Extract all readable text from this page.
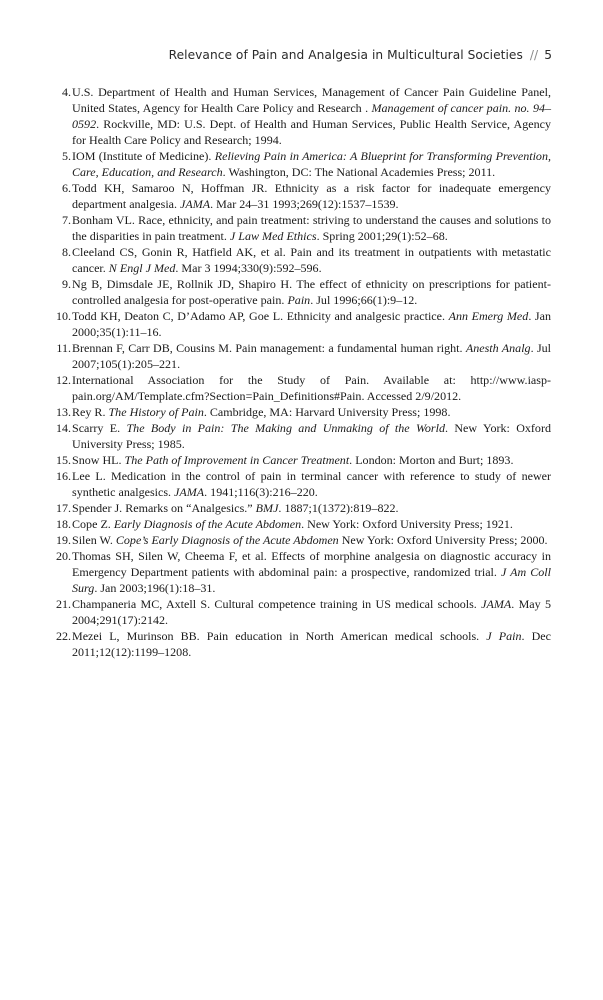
Relevance of Pain and Analgesia in Multicultural Societies // 5
4. U.S. Department of Health and Human Services, Management of Cancer Pain Guideline Panel, United States, Agency for Health Care Policy and Research . Management of cancer pain. no. 94–0592. Rockville, MD: U.S. Dept. of Health and Human Services, Public Health Service, Agency for Health Care Policy and Research; 1994.
5. IOM (Institute of Medicine). Relieving Pain in America: A Blueprint for Transforming Prevention, Care, Education, and Research. Washington, DC: The National Academies Press; 2011.
6. Todd KH, Samaroo N, Hoffman JR. Ethnicity as a risk factor for inadequate emergency department analgesia. JAMA. Mar 24–31 1993;269(12):1537–1539.
7. Bonham VL. Race, ethnicity, and pain treatment: striving to understand the causes and solutions to the disparities in pain treatment. J Law Med Ethics. Spring 2001;29(1):52–68.
8. Cleeland CS, Gonin R, Hatfield AK, et al. Pain and its treatment in outpatients with metastatic cancer. N Engl J Med. Mar 3 1994;330(9):592–596.
9. Ng B, Dimsdale JE, Rollnik JD, Shapiro H. The effect of ethnicity on prescriptions for patient-controlled analgesia for post-operative pain. Pain. Jul 1996;66(1):9–12.
10. Todd KH, Deaton C, D’Adamo AP, Goe L. Ethnicity and analgesic practice. Ann Emerg Med. Jan 2000;35(1):11–16.
11. Brennan F, Carr DB, Cousins M. Pain management: a fundamental human right. Anesth Analg. Jul 2007;105(1):205–221.
12. International Association for the Study of Pain. Available at: http://www.iasp-pain.org/AM/Template.cfm?Section=Pain_Definitions#Pain. Accessed 2/9/2012.
13. Rey R. The History of Pain. Cambridge, MA: Harvard University Press; 1998.
14. Scarry E. The Body in Pain: The Making and Unmaking of the World. New York: Oxford University Press; 1985.
15. Snow HL. The Path of Improvement in Cancer Treatment. London: Morton and Burt; 1893.
16. Lee L. Medication in the control of pain in terminal cancer with reference to study of newer synthetic analgesics. JAMA. 1941;116(3):216–220.
17. Spender J. Remarks on “Analgesics.” BMJ. 1887;1(1372):819–822.
18. Cope Z. Early Diagnosis of the Acute Abdomen. New York: Oxford University Press; 1921.
19. Silen W. Cope’s Early Diagnosis of the Acute Abdomen New York: Oxford University Press; 2000.
20. Thomas SH, Silen W, Cheema F, et al. Effects of morphine analgesia on diagnostic accuracy in Emergency Department patients with abdominal pain: a prospective, randomized trial. J Am Coll Surg. Jan 2003;196(1):18–31.
21. Champaneria MC, Axtell S. Cultural competence training in US medical schools. JAMA. May 5 2004;291(17):2142.
22. Mezei L, Murinson BB. Pain education in North American medical schools. J Pain. Dec 2011;12(12):1199–1208.
